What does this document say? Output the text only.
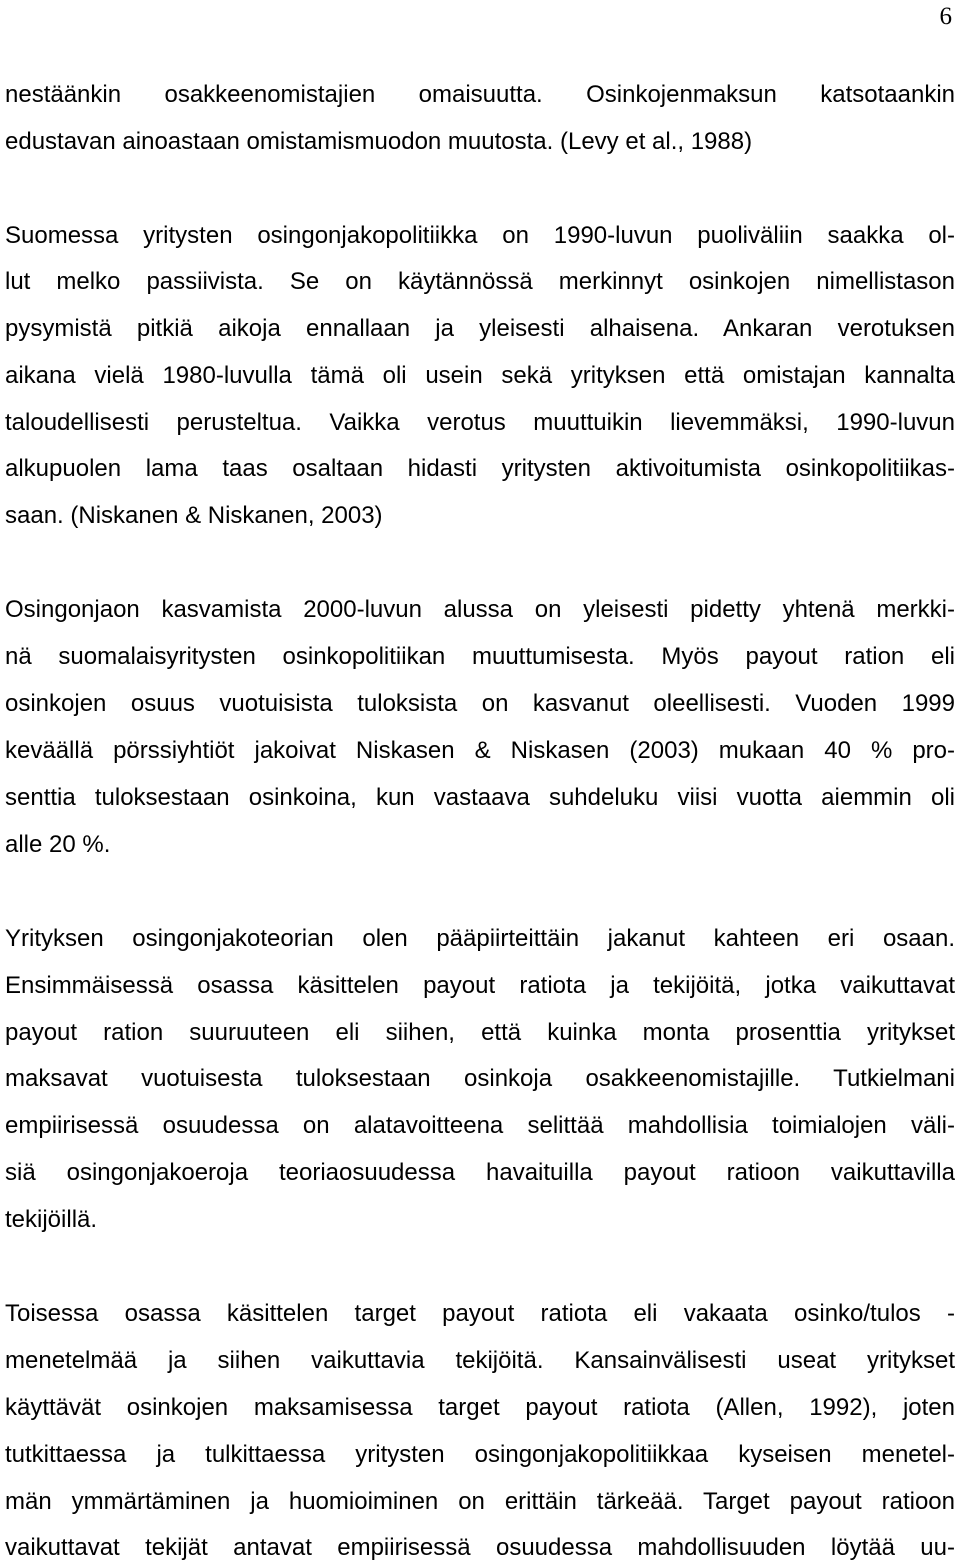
6
nestäänkin osakkeenomistajien omaisuutta. Osinkojenmaksun katsotaankin
edustavan ainoastaan omistamismuodon muutosta. (Levy et al., 1988)
Suomessa yritysten osingonjakopolitiikka on 1990-luvun puoliväliin saakka ol-
lut melko passiivista. Se on käytännössä merkinnyt osinkojen nimellistason
pysymistä pitkiä aikoja ennallaan ja yleisesti alhaisena. Ankaran verotuksen
aikana vielä 1980-luvulla tämä oli usein sekä yrityksen että omistajan kannalta
taloudellisesti perusteltua. Vaikka verotus muuttuikin lievemmäksi, 1990-luvun
alkupuolen lama taas osaltaan hidasti yritysten aktivoitumista osinkopolitiikas-
saan. (Niskanen & Niskanen, 2003)
Osingonjaon kasvamista 2000-luvun alussa on yleisesti pidetty yhtenä merkki-
nä suomalaisyritysten osinkopolitiikan muuttumisesta. Myös payout ration eli
osinkojen osuus vuotuisista tuloksista on kasvanut oleellisesti. Vuoden 1999
keväällä pörssiyhtiöt jakoivat Niskasen & Niskasen (2003) mukaan 40 % pro-
senttia tuloksestaan osinkoina, kun vastaava suhdeluku viisi vuotta aiemmin oli
alle 20 %.
Yrityksen osingonjakoteorian olen pääpiirteittäin jakanut kahteen eri osaan.
Ensimmäisessä osassa käsittelen payout ratiota ja tekijöitä, jotka vaikuttavat
payout ration suuruuteen eli siihen, että kuinka monta prosenttia yritykset
maksavat vuotuisesta tuloksestaan osinkoja osakkeenomistajille. Tutkielmani
empiirisessä osuudessa on alatavoitteena selittää mahdollisia toimialojen väli-
siä osingonjakoeroja teoriaosuudessa havaituilla payout ratioon vaikuttavilla
tekijöillä.
Toisessa osassa käsittelen target payout ratiota eli vakaata osinko/tulos -
menetelmää ja siihen vaikuttavia tekijöitä. Kansainvälisesti useat yritykset
käyttävät osinkojen maksamisessa target payout ratiota (Allen, 1992), joten
tutkittaessa ja tulkittaessa yritysten osingonjakopolitiikkaa kyseisen menetel-
män ymmärtäminen ja huomioiminen on erittäin tärkeää. Target payout ratioon
vaikuttavat tekijät antavat empiirisessä osuudessa mahdollisuuden löytää uu-
